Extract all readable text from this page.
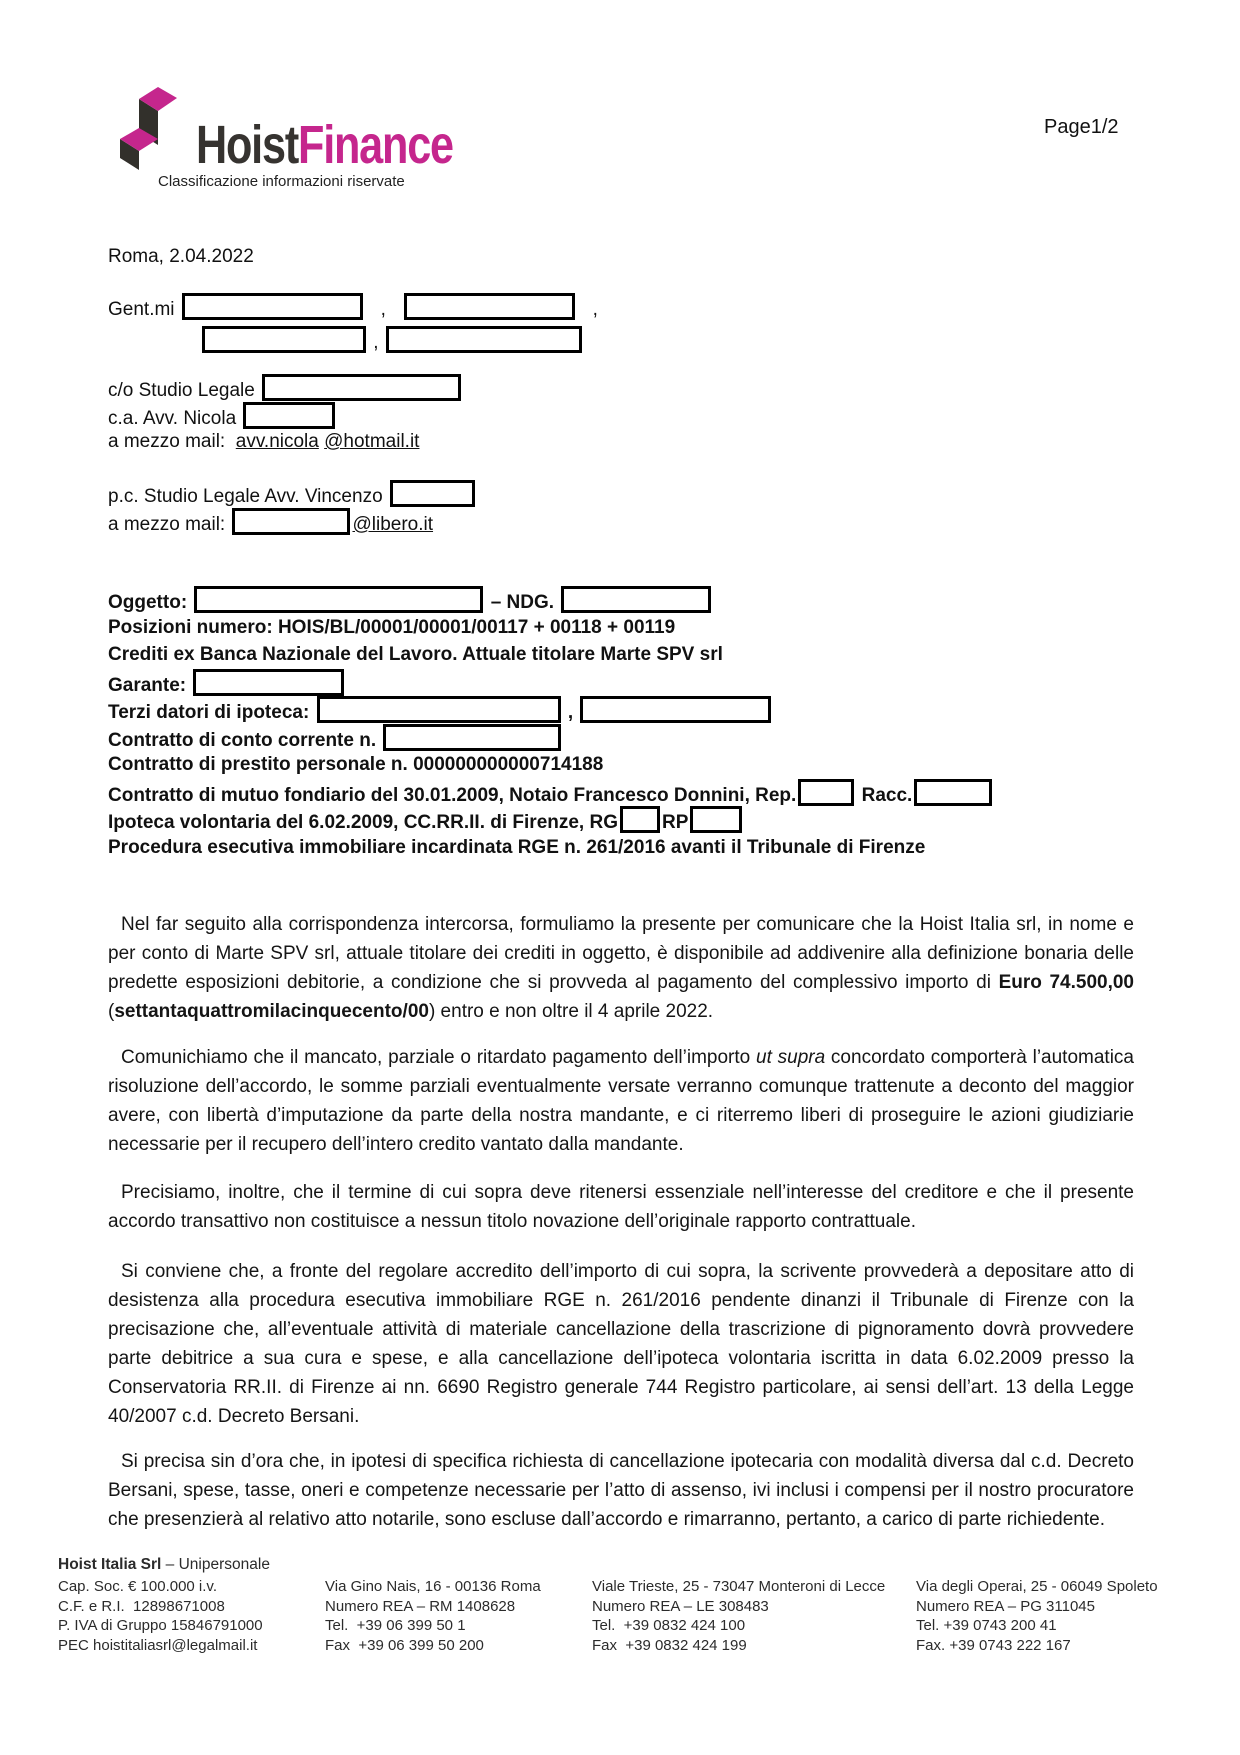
HoistFinance	Page1/2
Classificazione informazioni riservate
Roma, 2.04.2022
Gent.mi	,	,
,
c/o Studio Legale
c.a. Avv. Nicola
a mezzo mail:  avv.nicola @hotmail.it
p.c. Studio Legale Avv. Vincenzo
a mezzo mail:	@libero.it
Oggetto:	– NDG.
Posizioni numero: HOIS/BL/00001/00001/00117 + 00118 + 00119
Crediti ex Banca Nazionale del Lavoro. Attuale titolare Marte SPV srl
Garante:
Terzi datori di ipoteca:	,
Contratto di conto corrente n.
Contratto di prestito personale n. 000000000000714188
Contratto di mutuo fondiario del 30.01.2009, Notaio Francesco Donnini, Rep.	Racc.
Ipoteca volontaria del 6.02.2009, CC.RR.II. di Firenze, RG RP
Procedura esecutiva immobiliare incardinata RGE n. 261/2016 avanti il Tribunale di Firenze
Nel far seguito alla corrispondenza intercorsa, formuliamo la presente per comunicare che la Hoist Italia srl, in nome e per conto di Marte SPV srl, attuale titolare dei crediti in oggetto, è disponibile ad addivenire alla definizione bonaria delle predette esposizioni debitorie, a condizione che si provveda al pagamento del complessivo importo di Euro 74.500,00 (settantaquattromilacinquecento/00) entro e non oltre il 4 aprile 2022.
Comunichiamo che il mancato, parziale o ritardato pagamento dell’importo ut supra concordato comporterà l’automatica risoluzione dell’accordo, le somme parziali eventualmente versate verranno comunque trattenute a deconto del maggior avere, con libertà d’imputazione da parte della nostra mandante, e ci riterremo liberi di proseguire le azioni giudiziarie necessarie per il recupero dell’intero credito vantato dalla mandante.
Precisiamo, inoltre, che il termine di cui sopra deve ritenersi essenziale nell’interesse del creditore e che il presente accordo transattivo non costituisce a nessun titolo novazione dell’originale rapporto contrattuale.
Si conviene che, a fronte del regolare accredito dell’importo di cui sopra, la scrivente provvederà a depositare atto di desistenza alla procedura esecutiva immobiliare RGE n. 261/2016 pendente dinanzi il Tribunale di Firenze con la precisazione che, all’eventuale attività di materiale cancellazione della trascrizione di pignoramento dovrà provvedere parte debitrice a sua cura e spese, e alla cancellazione dell’ipoteca volontaria iscritta in data 6.02.2009 presso la Conservatoria RR.II. di Firenze ai nn. 6690 Registro generale 744 Registro particolare, ai sensi dell’art. 13 della Legge 40/2007 c.d. Decreto Bersani.
Si precisa sin d’ora che, in ipotesi di specifica richiesta di cancellazione ipotecaria con modalità diversa dal c.d. Decreto Bersani, spese, tasse, oneri e competenze necessarie per l’atto di assenso, ivi inclusi i compensi per il nostro procuratore che presenzierà al relativo atto notarile, sono escluse dall’accordo e rimarranno, pertanto, a carico di parte richiedente.
Hoist Italia Srl – Unipersonale
Cap. Soc. € 100.000 i.v.
C.F. e R.I.  12898671008
P. IVA di Gruppo 15846791000
PEC hoistitaliasrl@legalmail.it
Via Gino Nais, 16 - 00136 Roma
Numero REA – RM 1408628
Tel.  +39 06 399 50 1
Fax  +39 06 399 50 200
Viale Trieste, 25 - 73047 Monteroni di Lecce
Numero REA – LE 308483
Tel.  +39 0832 424 100
Fax  +39 0832 424 199
Via degli Operai, 25 - 06049 Spoleto
Numero REA – PG 311045
Tel. +39 0743 200 41
Fax. +39 0743 222 167
